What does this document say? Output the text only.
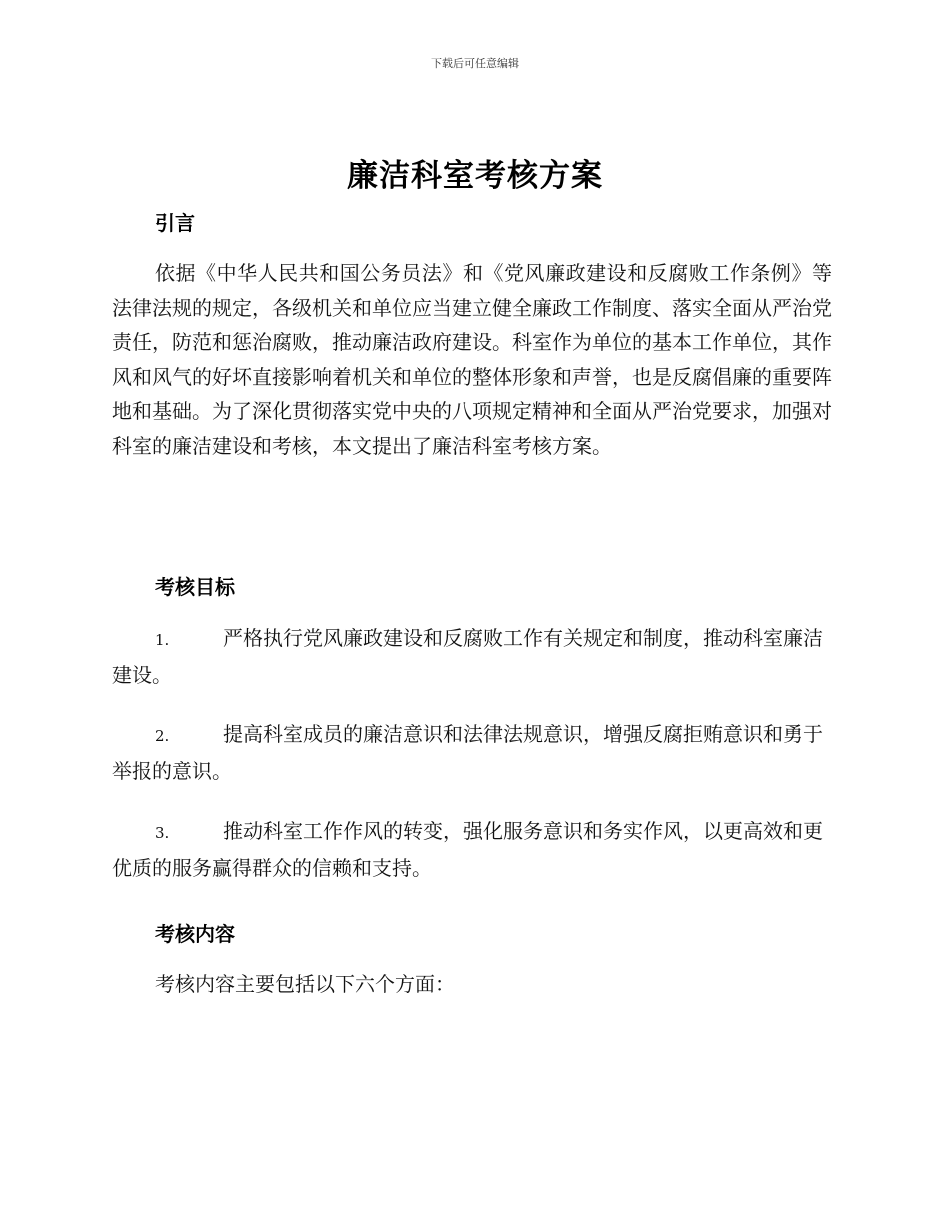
下载后可任意编辑
廉洁科室考核方案
引言
依据《中华人民共和国公务员法》和《党风廉政建设和反腐败工作条例》等法律法规的规定，各级机关和单位应当建立健全廉政工作制度、落实全面从严治党责任，防范和惩治腐败，推动廉洁政府建设。科室作为单位的基本工作单位，其作风和风气的好坏直接影响着机关和单位的整体形象和声誉，也是反腐倡廉的重要阵地和基础。为了深化贯彻落实党中央的八项规定精神和全面从严治党要求，加强对科室的廉洁建设和考核，本文提出了廉洁科室考核方案。
考核目标
1.	严格执行党风廉政建设和反腐败工作有关规定和制度，推动科室廉洁建设。
2.	提高科室成员的廉洁意识和法律法规意识，增强反腐拒贿意识和勇于举报的意识。
3.	推动科室工作作风的转变，强化服务意识和务实作风，以更高效和更优质的服务赢得群众的信赖和支持。
考核内容
考核内容主要包括以下六个方面：
